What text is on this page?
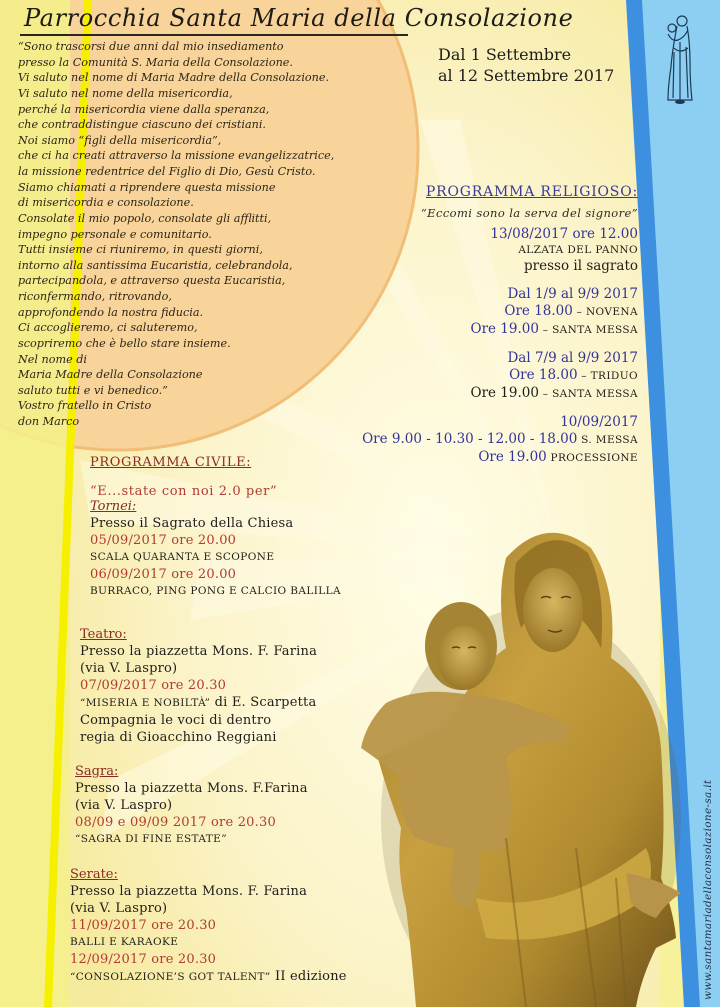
Parrocchia Santa Maria della Consolazione
Dal 1 Settembre
al 12 Settembre 2017
“Sono trascorsi due anni dal mio insediamento
presso la Comunità S. Maria della Consolazione.
Vi saluto nel nome di Maria Madre della Consolazione.
Vi saluto nel nome della misericordia,
perché la misericordia viene dalla speranza,
che contraddistingue ciascuno dei cristiani.
Noi siamo “figli della misericordia”,
che ci ha creati attraverso la missione evangelizzatrice,
la missione redentrice del Figlio di Dio, Gesù Cristo.
Siamo chiamati a riprendere questa missione
di misericordia e consolazione.
Consolate il mio popolo, consolate gli afflitti,
impegno personale e comunitario.
Tutti insieme ci riuniremo, in questi giorni,
intorno alla santissima Eucaristia, celebrandola,
partecipandola, e attraverso questa Eucaristia,
riconfermando, ritrovando,
approfondendo la nostra fiducia.
Ci accoglieremo, ci saluteremo,
scopriremo che è bello stare insieme.
Nel nome di
Maria Madre della Consolazione
saluto tutti e vi benedico.”
Vostro fratello in Cristo
don Marco
PROGRAMMA RELIGIOSO:
“Eccomi sono la serva del signore”
13/08/2017 ore 12.00
ALZATA DEL PANNO
presso il sagrato
Dal 1/9 al 9/9 2017
Ore 18.00 – NOVENA
Ore 19.00 – SANTA MESSA
Dal 7/9 al 9/9 2017
Ore 18.00 – TRIDUO
Ore 19.00 – SANTA MESSA
10/09/2017
Ore 9.00 - 10.30 - 12.00 - 18.00 S. MESSA
Ore 19.00 PROCESSIONE
PROGRAMMA CIVILE:
“E...state con noi 2.0 per”
Tornei:
Presso il Sagrato della Chiesa
05/09/2017 ore 20.00
SCALA QUARANTA E SCOPONE
06/09/2017 ore 20.00
BURRACO, PING PONG E CALCIO BALILLA
Teatro:
Presso la piazzetta Mons. F. Farina
(via V. Laspro)
07/09/2017 ore 20.30
“MISERIA E NOBILTÀ” di E. Scarpetta
Compagnia le voci di dentro
regia di Gioacchino Reggiani
Sagra:
Presso la piazzetta Mons. F.Farina
(via V. Laspro)
08/09 e 09/09 2017 ore 20.30
“SAGRA DI FINE ESTATE”
Serate:
Presso la piazzetta Mons. F. Farina
(via V. Laspro)
11/09/2017 ore 20.30
BALLI E KARAOKE
12/09/2017 ore 20.30
“CONSOLAZIONE’S GOT TALENT” II edizione	www.santamariadellaconsolazione-sa.it
